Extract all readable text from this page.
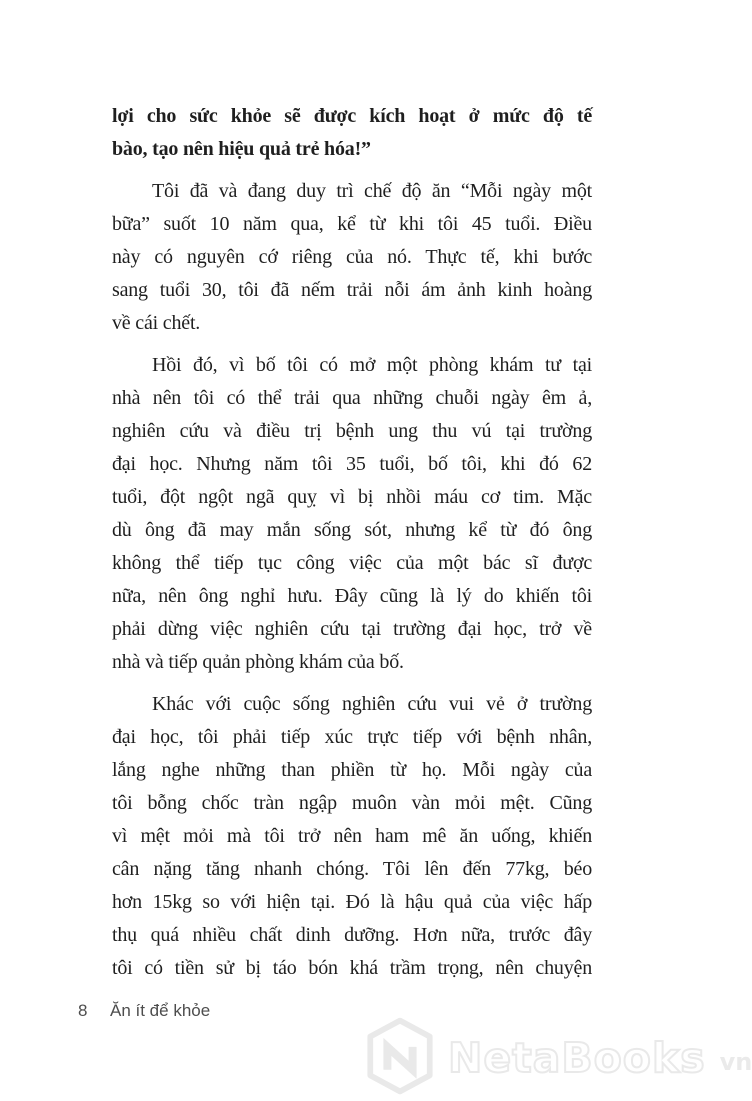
lợi cho sức khỏe sẽ được kích hoạt ở mức độ tế
bào, tạo nên hiệu quả trẻ hóa!”
Tôi đã và đang duy trì chế độ ăn “Mỗi ngày một
bữa” suốt 10 năm qua, kể từ khi tôi 45 tuổi. Điều
này có nguyên cớ riêng của nó. Thực tế, khi bước
sang tuổi 30, tôi đã nếm trải nỗi ám ảnh kinh hoàng
về cái chết.
Hồi đó, vì bố tôi có mở một phòng khám tư tại
nhà nên tôi có thể trải qua những chuỗi ngày êm ả,
nghiên cứu và điều trị bệnh ung thu vú tại trường
đại học. Nhưng năm tôi 35 tuổi, bố tôi, khi đó 62
tuổi, đột ngột ngã quỵ vì bị nhồi máu cơ tim. Mặc
dù ông đã may mắn sống sót, nhưng kể từ đó ông
không thể tiếp tục công việc của một bác sĩ được
nữa, nên ông nghỉ hưu. Đây cũng là lý do khiến tôi
phải dừng việc nghiên cứu tại trường đại học, trở về
nhà và tiếp quản phòng khám của bố.
Khác với cuộc sống nghiên cứu vui vẻ ở trường
đại học, tôi phải tiếp xúc trực tiếp với bệnh nhân,
lắng nghe những than phiền từ họ. Mỗi ngày của
tôi bỗng chốc tràn ngập muôn vàn mỏi mệt. Cũng
vì mệt mỏi mà tôi trở nên ham mê ăn uống, khiến
cân nặng tăng nhanh chóng. Tôi lên đến 77kg, béo
hơn 15kg so với hiện tại. Đó là hậu quả của việc hấp
thụ quá nhiều chất dinh dưỡng. Hơn nữa, trước đây
tôi có tiền sử bị táo bón khá trầm trọng, nên chuyện
8 Ăn ít để khỏe
NetaBooks vn
